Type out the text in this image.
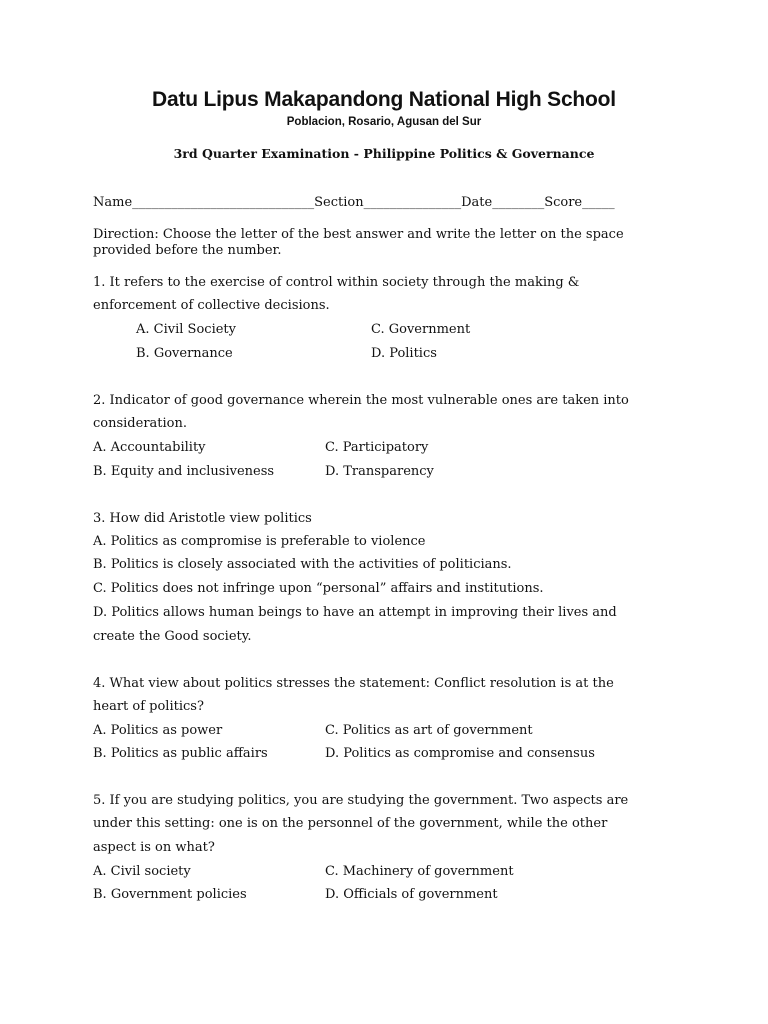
Datu Lipus Makapandong National High School
Poblacion, Rosario, Agusan del Sur
3rd Quarter Examination - Philippine Politics & Governance
Name____________________________Section_______________Date________Score_____
Direction: Choose the letter of the best answer and write the letter on the space
provided before the number.
1. It refers to the exercise of control within society through the making &
enforcement of collective decisions.
A. Civil Society
B. Governance
C. Government
D. Politics
2. Indicator of good governance wherein the most vulnerable ones are taken into
consideration.
A. Accountability
B. Equity and inclusiveness
C. Participatory
D. Transparency
3. How did Aristotle view politics
A. Politics as compromise is preferable to violence
B. Politics is closely associated with the activities of politicians.
C. Politics does not infringe upon “personal” affairs and institutions.
D. Politics allows human beings to have an attempt in improving their lives and
create the Good society.
4. What view about politics stresses the statement: Conflict resolution is at the
heart of politics?
A. Politics as power
B. Politics as public affairs
C. Politics as art of government
D. Politics as compromise and consensus
5. If you are studying politics, you are studying the government. Two aspects are
under this setting: one is on the personnel of the government, while the other
aspect is on what?
A. Civil society
B. Government policies
C. Machinery of government
D. Officials of government
